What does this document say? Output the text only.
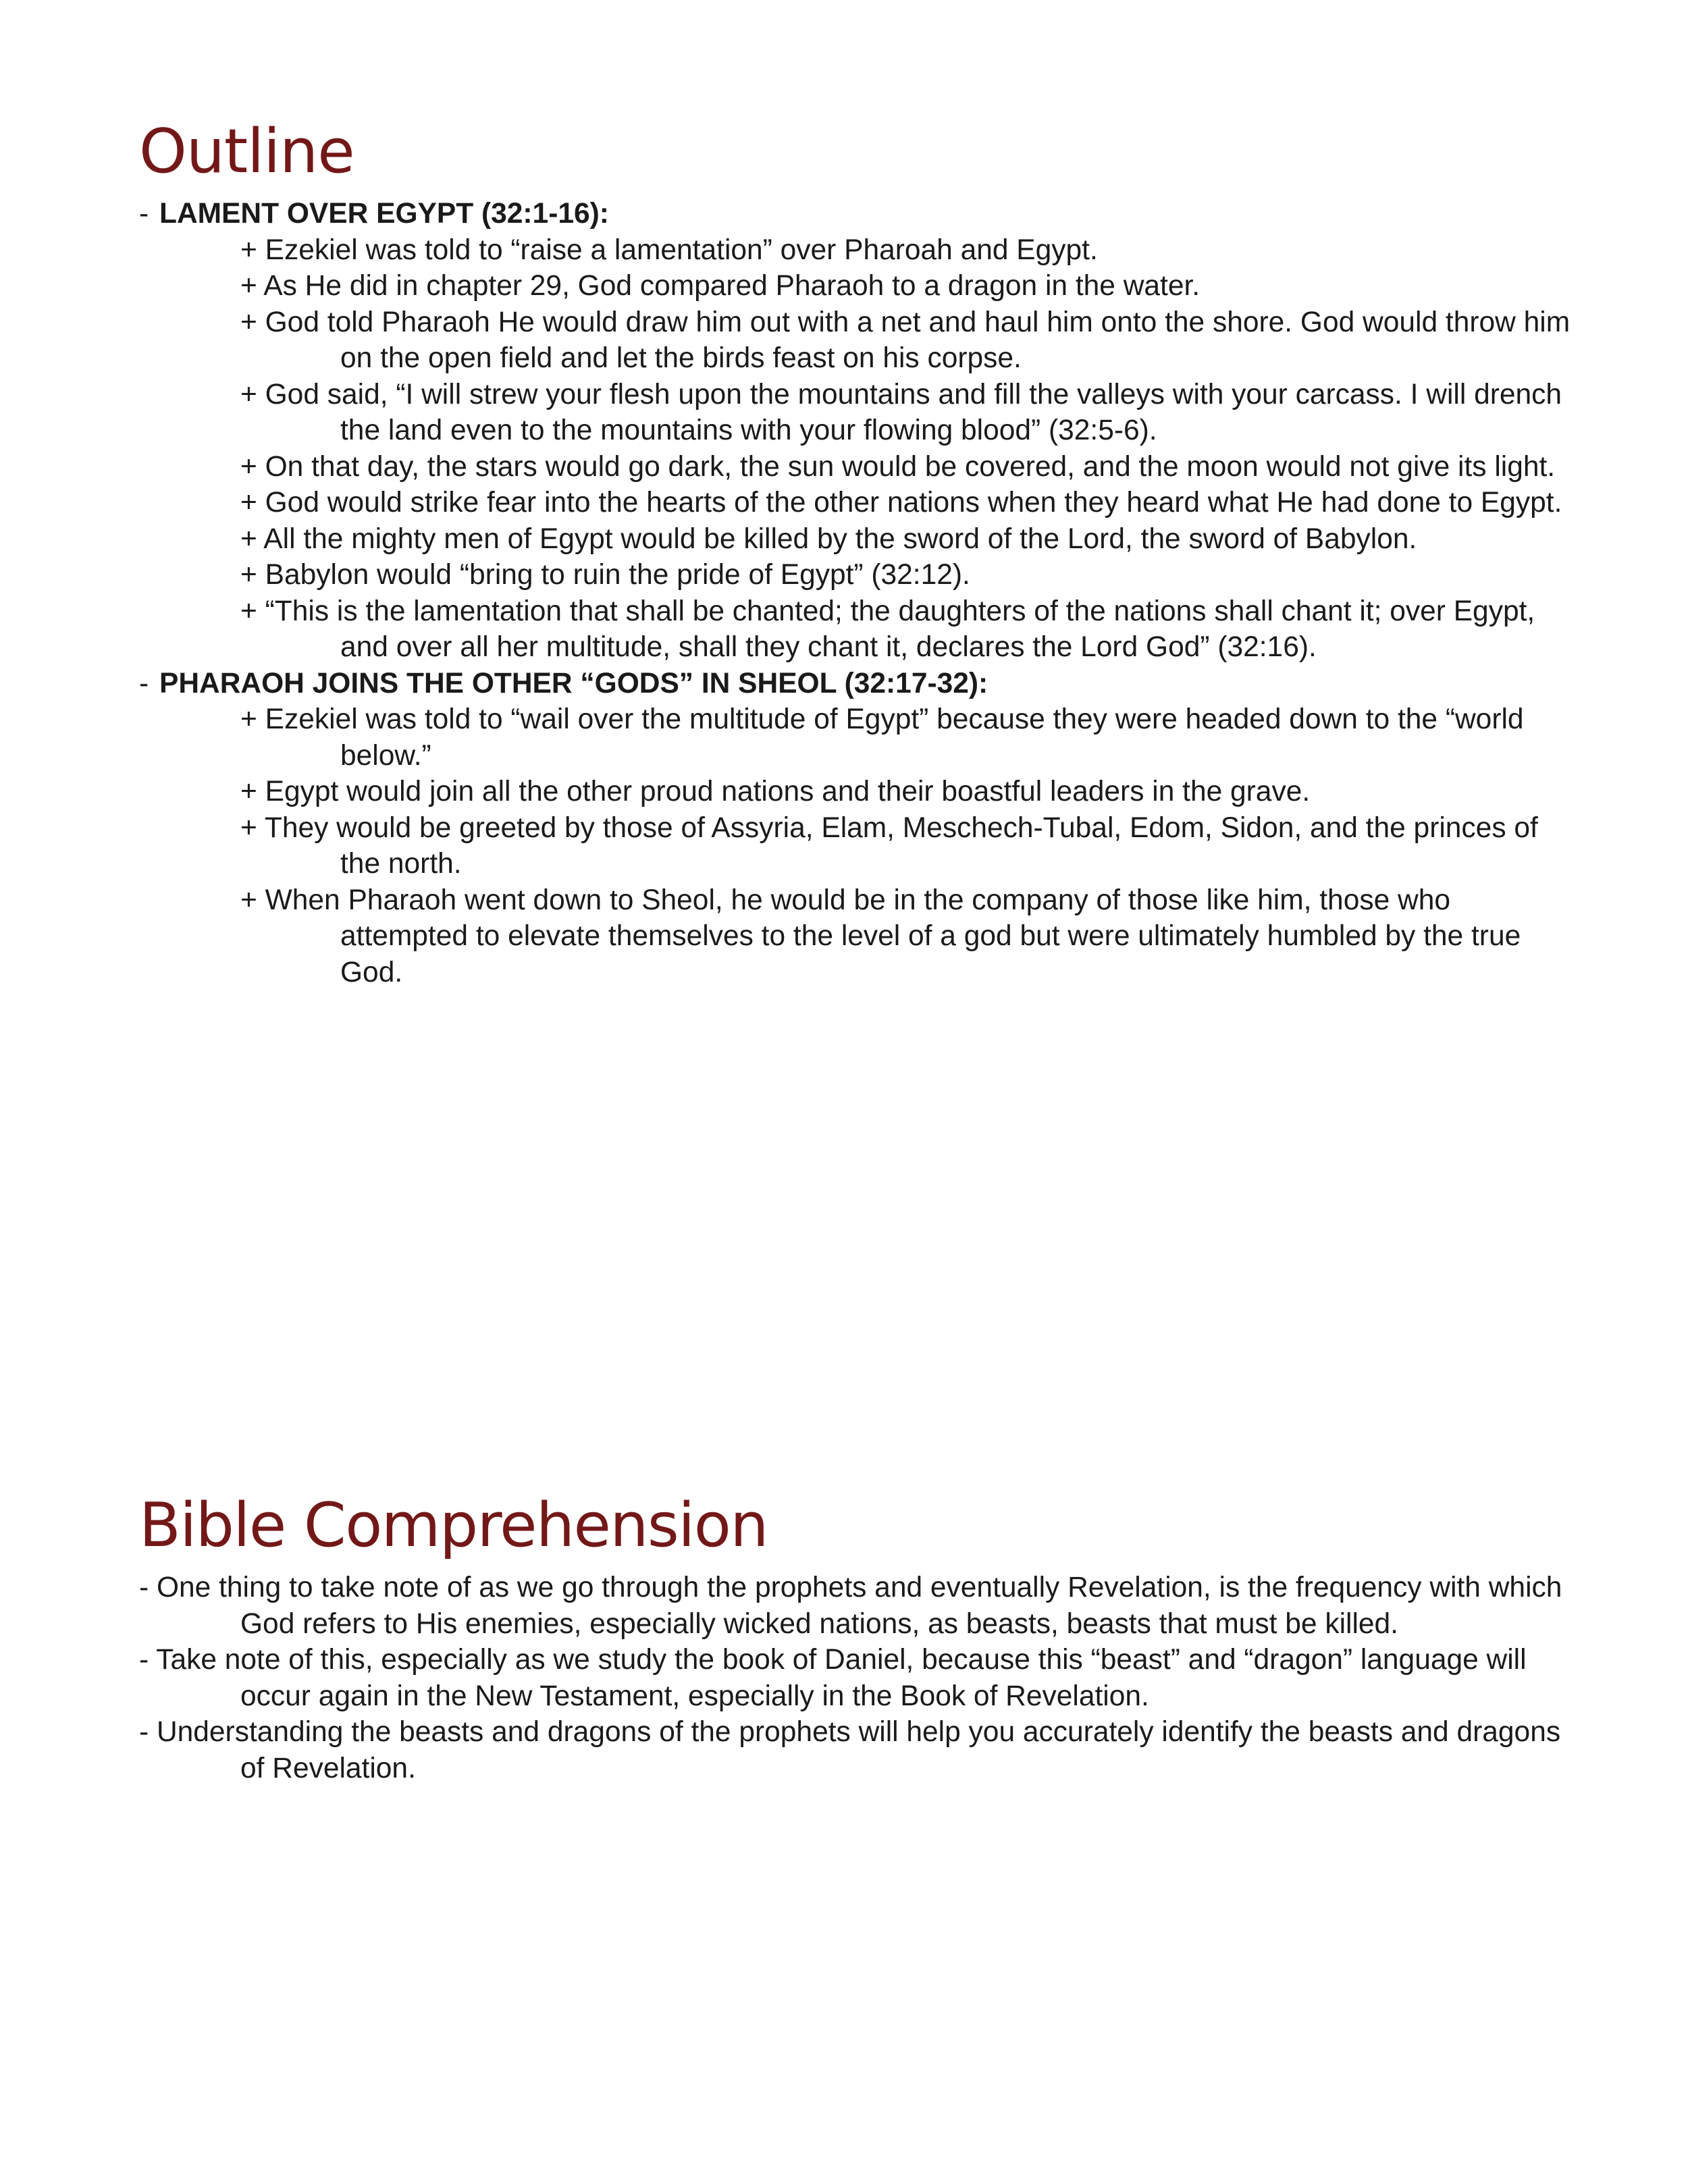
Outline
- LAMENT OVER EGYPT (32:1-16):
+ Ezekiel was told to “raise a lamentation” over Pharoah and Egypt.
+ As He did in chapter 29, God compared Pharaoh to a dragon in the water.
+ God told Pharaoh He would draw him out with a net and haul him onto the shore. God would throw him on the open field and let the birds feast on his corpse.
+ God said, “I will strew your flesh upon the mountains and fill the valleys with your carcass. I will drench the land even to the mountains with your flowing blood” (32:5-6).
+ On that day, the stars would go dark, the sun would be covered, and the moon would not give its light.
+ God would strike fear into the hearts of the other nations when they heard what He had done to Egypt.
+ All the mighty men of Egypt would be killed by the sword of the Lord, the sword of Babylon.
+ Babylon would “bring to ruin the pride of Egypt” (32:12).
+ “This is the lamentation that shall be chanted; the daughters of the nations shall chant it; over Egypt, and over all her multitude, shall they chant it, declares the Lord God” (32:16).
- PHARAOH JOINS THE OTHER “GODS” IN SHEOL (32:17-32):
+ Ezekiel was told to “wail over the multitude of Egypt” because they were headed down to the “world below.”
+ Egypt would join all the other proud nations and their boastful leaders in the grave.
+ They would be greeted by those of Assyria, Elam, Meschech-Tubal, Edom, Sidon, and the princes of the north.
+ When Pharaoh went down to Sheol, he would be in the company of those like him, those who attempted to elevate themselves to the level of a god but were ultimately humbled by the true God.
Bible Comprehension
- One thing to take note of as we go through the prophets and eventually Revelation, is the frequency with which God refers to His enemies, especially wicked nations, as beasts, beasts that must be killed.
- Take note of this, especially as we study the book of Daniel, because this “beast” and “dragon” language will occur again in the New Testament, especially in the Book of Revelation.
- Understanding the beasts and dragons of the prophets will help you accurately identify the beasts and dragons of Revelation.
